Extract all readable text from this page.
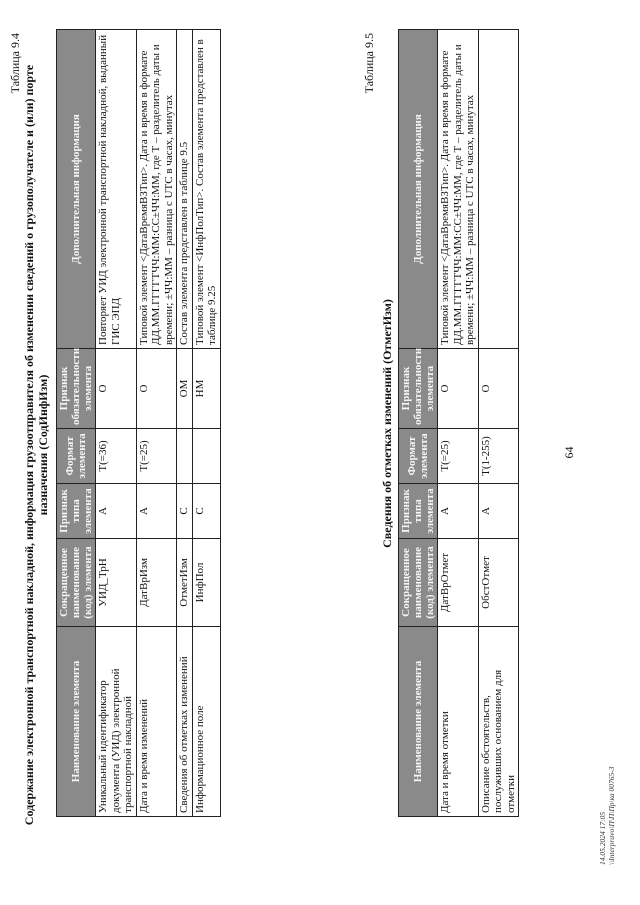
64
Таблица 9.4
Содержание электронной транспортной накладной, информация грузоотправителя об изменении сведений о грузополучателе и (или) порте назначения (СодИнфИзм)
Наименование элемента	Сокращенное наименование (код) элемента	Признак типа элемента	Формат элемента	Признак обязательности элемента	Дополнительная информация
Уникальный идентификатор документа (УИД) электронной транспортной накладной	УИД_ТрН	А	Т(=36)	О	Повторяет УИД электронной транспортной накладной, выданный ГИС ЭПД
Дата и время изменений	ДатВрИзм	А	Т(=25)	О	Типовой элемент <ДатаВремяВЗТип>. Дата и время в формате ДД.ММ.ГГГГТЧЧ:ММ:СС±ЧЧ:ММ, где Т – разделитель даты и времени; ±ЧЧ:ММ – разница с UTC в часах, минутах
Сведения об отметках изменений	ОтметИзм	С		ОМ	Состав элемента представлен в таблице 9.5
Информационное поле	ИнфПол	С		НМ	Типовой элемент <ИнфПолТип>. Состав элемента представлен в таблице 9.25
Таблица 9.5
Сведения об отметках изменений (ОтметИзм)
Наименование элемента	Сокращенное наименование (код) элемента	Признак типа элемента	Формат элемента	Признак обязательности элемента	Дополнительная информация
Дата и время отметки	ДатВрОтмет	А	Т(=25)	О	Типовой элемент <ДатаВремяВЗТип>. Дата и время в формате ДД.ММ.ГГГГТЧЧ:ММ:СС±ЧЧ:ММ, где Т – разделитель даты и времени; ±ЧЧ:ММ – разница с UTC в часах, минутах
Описание обстоятельств, послуживших основанием для отметки	ОбстОтмет	А	Т(1-255)	О	
14.05.2024 17:05 \\Interpravo\П\П\Пр\ка 00765-3
